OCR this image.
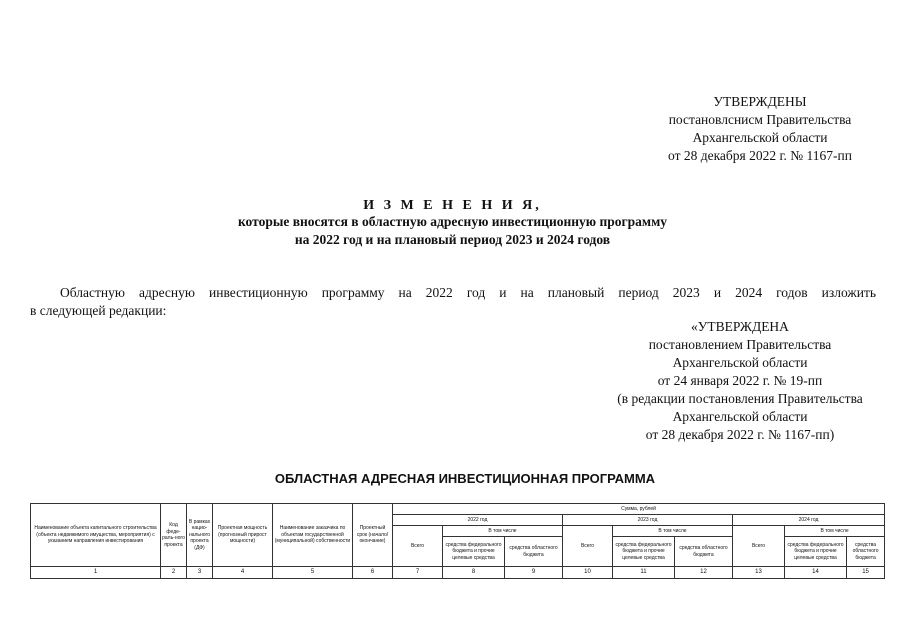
УТВЕРЖДЕНЫ
постановлснисм Правительства
Архангельской области
от 28 декабря 2022 г. № 1167-пп
И З М Е Н Е Н И Я,
которые вносятся в областную адресную инвестиционную программу
на 2022 год и на плановый период 2023 и 2024 годов
Областную адресную инвестиционную программу на 2022 год и на плановый период 2023 и 2024 годов изложить
в следующей редакции:
«УТВЕРЖДЕНА
постановлением Правительства
Архангельской области
от 24 января 2022 г. № 19-пп
(в редакции постановления Правительства
Архангельской области
от 28 декабря 2022 г. № 1167-пп)
ОБЛАСТНАЯ АДРЕСНАЯ ИНВЕСТИЦИОННАЯ ПРОГРАММА
Наименование объекта капитального строительства (объекта недвижимого имущества, мероприятия) с указанием направления инвестирования	Код феде-раль-ного проекта	В рамках нацио-нального проекта (ДФ)	Проектная мощность (прогнозный прирост мощности)	Наименование заказчика по объектам государственной (муниципальной) собственности	Проектный срок (начало/ окончание)	Сумма, рублей								
						2022 год			2023 год			2024 год		
						Всего	В том числе		Всего	В том числе		Всего	В том числе	
							средства федерального бюджета и прочие целевые средства	средства областного бюджета		средства федерального бюджета и прочие целевые средства	средства областного бюджета		средства федерального бюджета и прочие целевые средства	средства областного бюджета
1	2	3	4	5	6	7	8	9	10	11	12	13	14	15
